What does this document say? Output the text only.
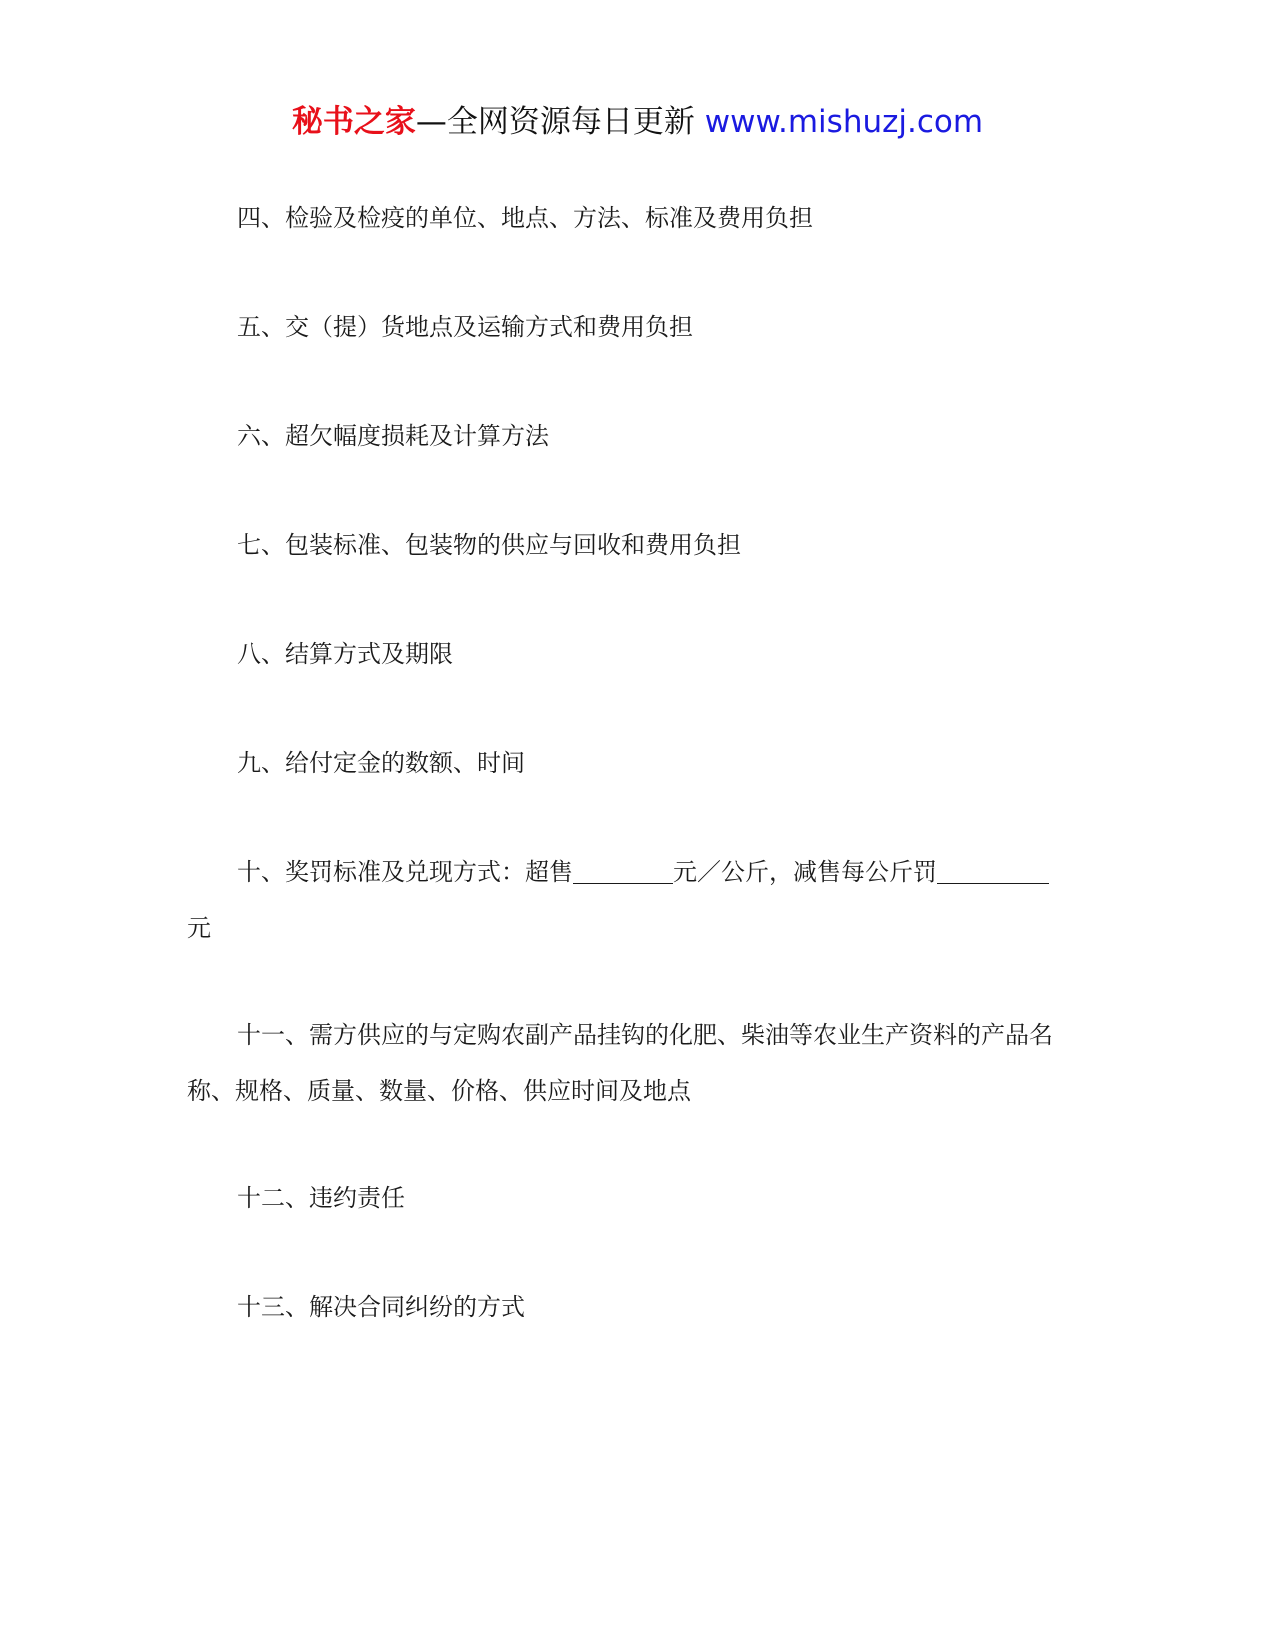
秘书之家—全网资源每日更新 www.mishuzj.com
四、检验及检疫的单位、地点、方法、标准及费用负担
五、交（提）货地点及运输方式和费用负担
六、超欠幅度损耗及计算方法
七、包装标准、包装物的供应与回收和费用负担
八、结算方式及期限
九、给付定金的数额、时间
十、奖罚标准及兑现方式：超售	元／公斤，减售每公斤罚元
十一、需方供应的与定购农副产品挂钩的化肥、柴油等农业生产资料的产品名称、规格、质量、数量、价格、供应时间及地点
十二、违约责任
十三、解决合同纠纷的方式
